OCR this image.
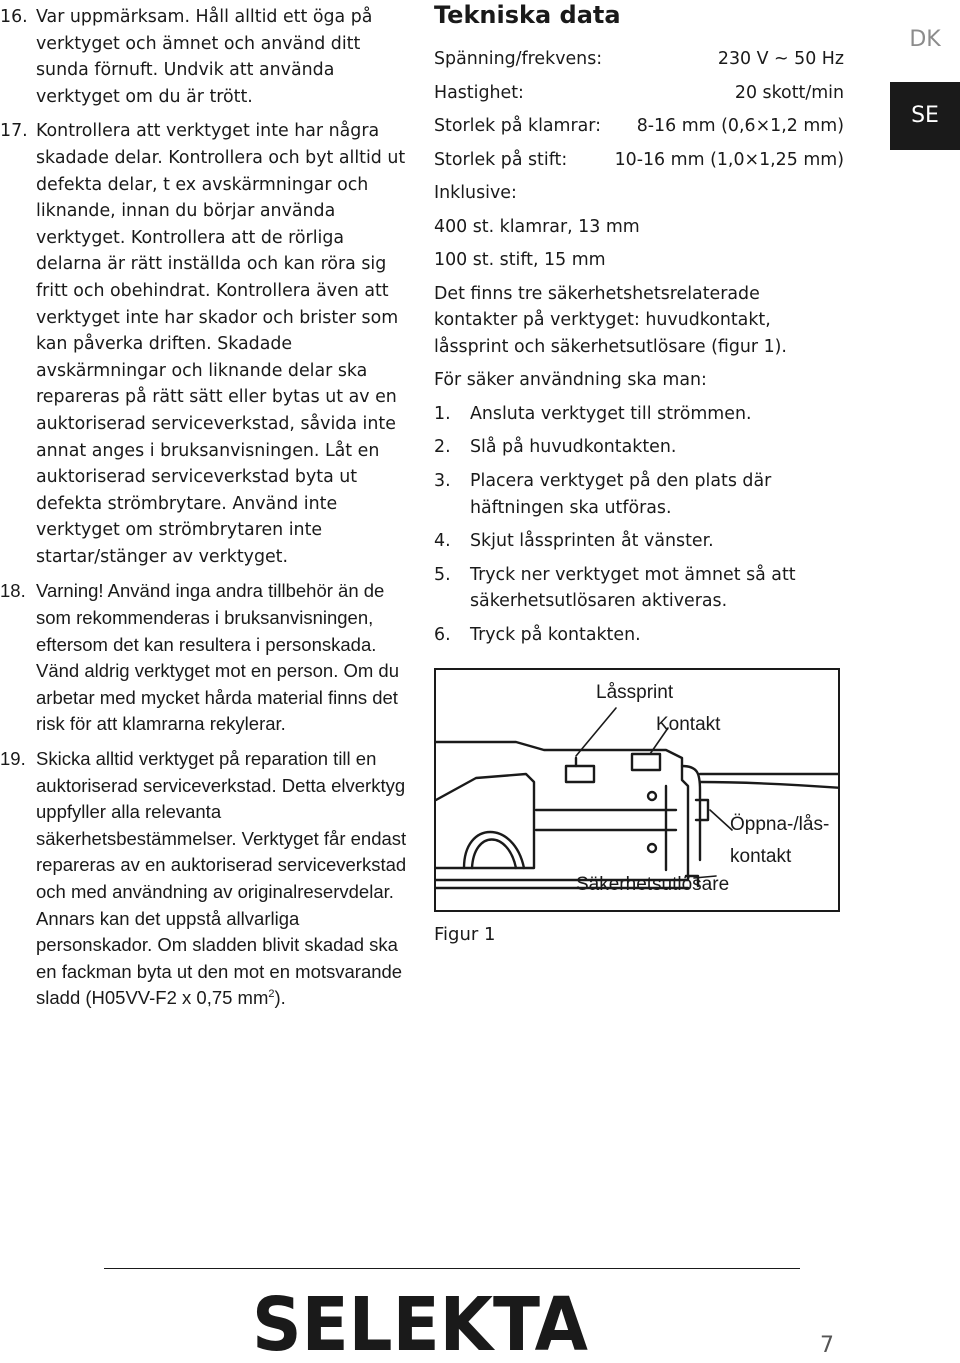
16. Var uppmärksam. Håll alltid ett öga på verktyget och ämnet och använd ditt sunda förnuft. Undvik att använda verktyget om du är trött.
17. Kontrollera att verktyget inte har några skadade delar. Kontrollera och byt alltid ut defekta delar, t ex avskärmningar och liknande, innan du börjar använda verktyget. Kontrollera att de rörliga delarna är rätt inställda och kan röra sig fritt och obehindrat. Kontrollera även att verktyget inte har skador och brister som kan påverka driften. Skadade avskärmningar och liknande delar ska repareras på rätt sätt eller bytas ut av en auktoriserad serviceverkstad, såvida inte annat anges i bruksanvisningen. Låt en auktoriserad serviceverkstad byta ut defekta strömbrytare. Använd inte verktyget om strömbrytaren inte startar/stänger av verktyget.
18. Varning! Använd inga andra tillbehör än de som rekommenderas i bruksanvisningen, eftersom det kan resultera i personskada. Vänd aldrig verktyget mot en person. Om du arbetar med mycket hårda material finns det risk för att klamrarna rekylerar.
19. Skicka alltid verktyget på reparation till en auktoriserad serviceverkstad. Detta elverktyg uppfyller alla relevanta säkerhetsbestämmelser. Verktyget får endast repareras av en auktoriserad serviceverkstad och med användning av originalreservdelar. Annars kan det uppstå allvarliga personskador. Om sladden blivit skadad ska en fackman byta ut den mot en motsvarande sladd (H05VV-F2 x 0,75 $mm^2$).
Tekniska data
Spänning/frekvens:	230 V ~ 50 Hz
Hastighet:	20 skott/min
Storlek på klamrar: 8-16 mm (0,6×1,2 mm)
Storlek på stift:	10-16 mm (1,0×1,25 mm)
Inklusive:
400 st. klamrar, 13 mm
100 st. stift, 15 mm

Det finns tre säkerhetshetsrelaterade kontakter på verktyget: huvudkontakt, låssprint och säkerhetsutlösare (figur 1).

För säker användning ska man:
1. Ansluta verktyget till strömmen.
2. Slå på huvudkontakten.
3. Placera verktyget på den plats där häftningen ska utföras.
4. Skjut låssprinten åt vänster.
5. Tryck ner verktyget mot ämnet så att säkerhetsutlösaren aktiveras.
6. Tryck på kontakten.
Låssprint
Kontakt
Öppna-/lås-
kontakt
Säkerhetsutlösare
Figur 1
DK
SE
SELEKTA	7
